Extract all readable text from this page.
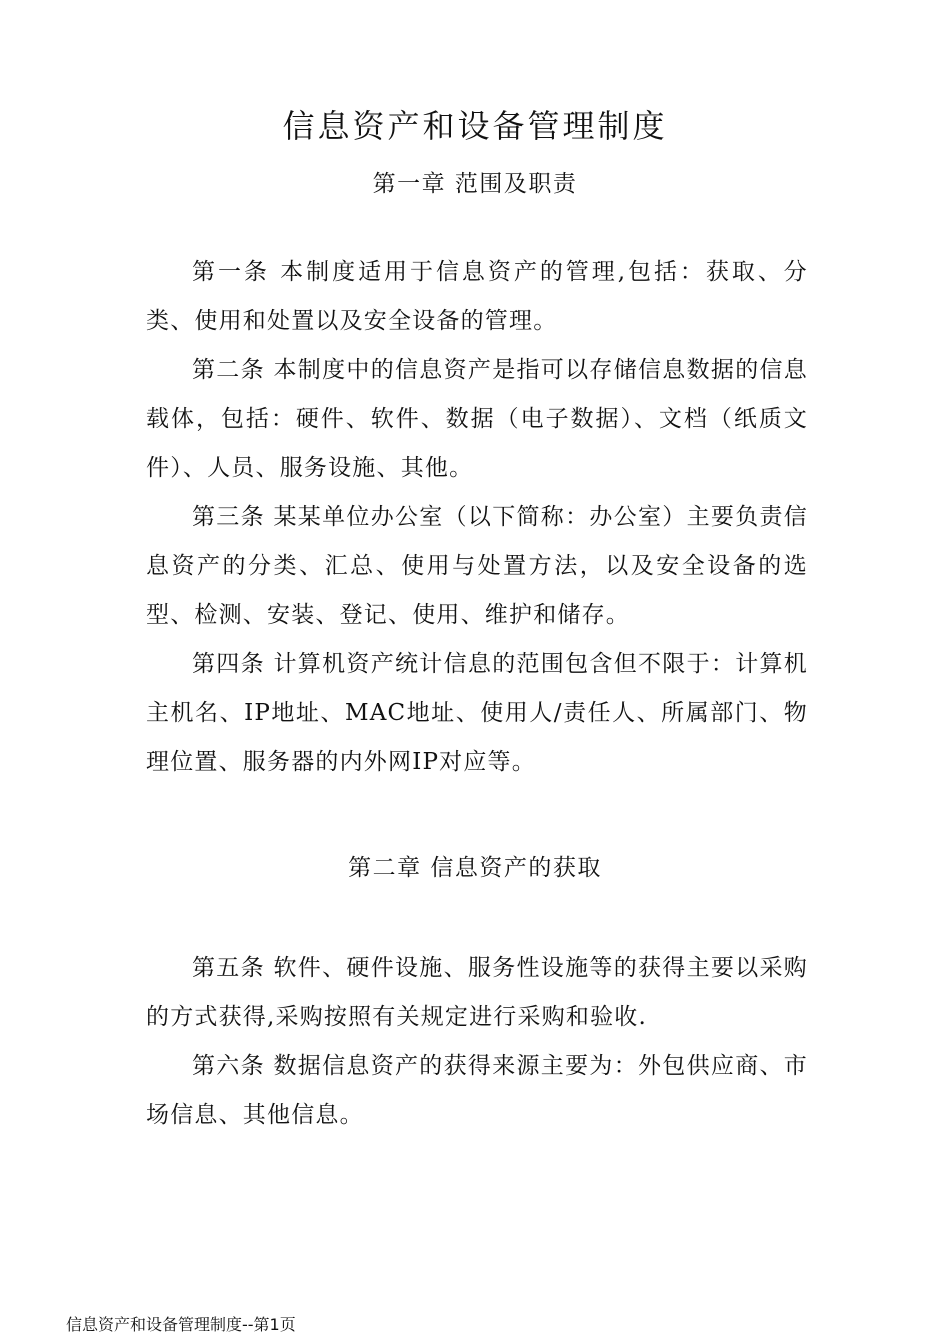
信息资产和设备管理制度
第一章 范围及职责

第一条 本制度适用于信息资产的管理,包括：获取、分类、使用和处置以及安全设备的管理。

第二条 本制度中的信息资产是指可以存储信息数据的信息载体，包括：硬件、软件、数据（电子数据）、文档（纸质文件）、人员、服务设施、其他。

第三条 某某单位办公室（以下简称：办公室）主要负责信息资产的分类、汇总、使用与处置方法，以及安全设备的选型、检测、安装、登记、使用、维护和储存。

第四条 计算机资产统计信息的范围包含但不限于：计算机主机名、IP地址、MAC地址、使用人/责任人、所属部门、物理位置、服务器的内外网IP对应等。

第二章 信息资产的获取

第五条 软件、硬件设施、服务性设施等的获得主要以采购的方式获得,采购按照有关规定进行采购和验收.

第六条 数据信息资产的获得来源主要为：外包供应商、市场信息、其他信息。

信息资产和设备管理制度--第1页
